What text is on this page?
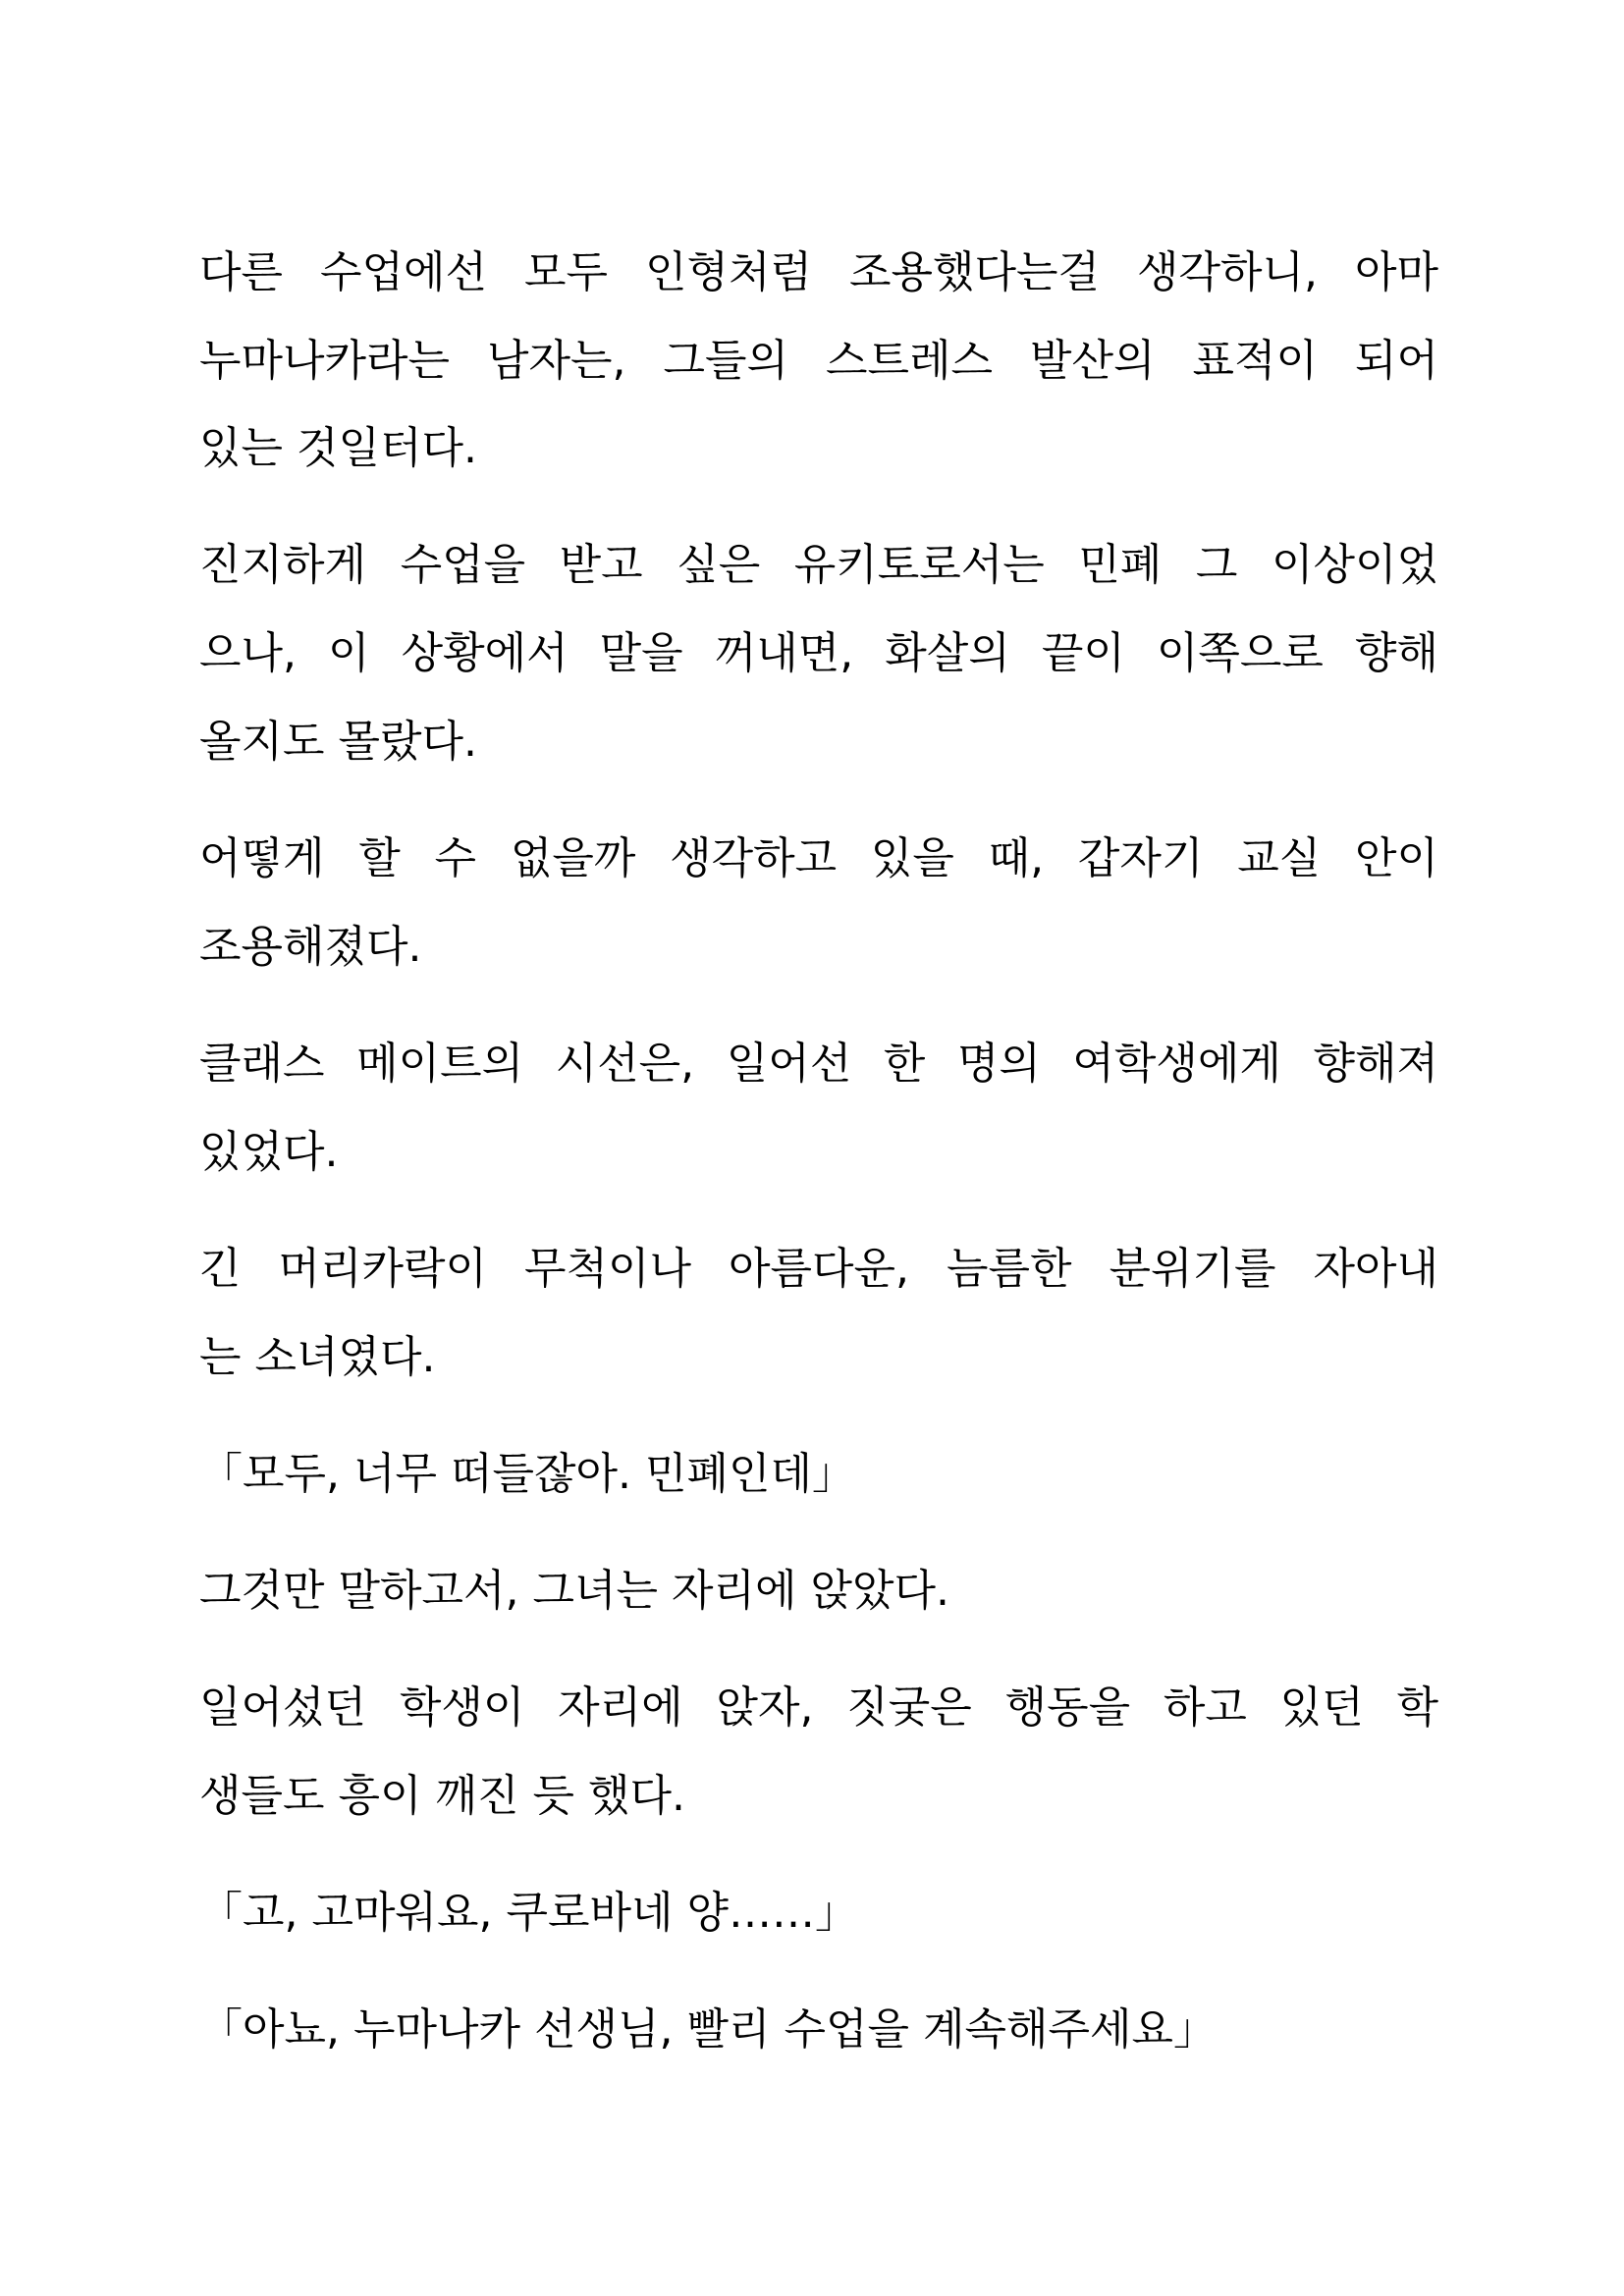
다른 수업에선 모두 인형처럼 조용했다는걸 생각하니, 아마
누마나카라는 남자는, 그들의 스트레스 발산의 표적이 되어
있는 것일터다.
진지하게 수업을 받고 싶은 유키토로서는 민폐 그 이상이었
으나, 이 상황에서 말을 꺼내면, 화살의 끝이 이쪽으로 향해
올지도 몰랐다.
어떻게 할 수 없을까 생각하고 있을 때, 갑자기 교실 안이
조용해졌다.
클래스 메이트의 시선은, 일어선 한 명의 여학생에게 향해져
있었다.
긴 머리카락이 무척이나 아름다운, 늠름한 분위기를 자아내
는 소녀였다.
「모두, 너무 떠들잖아. 민폐인데」
그것만 말하고서, 그녀는 자리에 앉았다.
일어섰던 학생이 자리에 앉자, 짓궂은 행동을 하고 있던 학
생들도 흥이 깨진 듯 했다.
「고, 고마워요, 쿠로바네 양……」
「아뇨, 누마나카 선생님, 빨리 수업을 계속해주세요」
